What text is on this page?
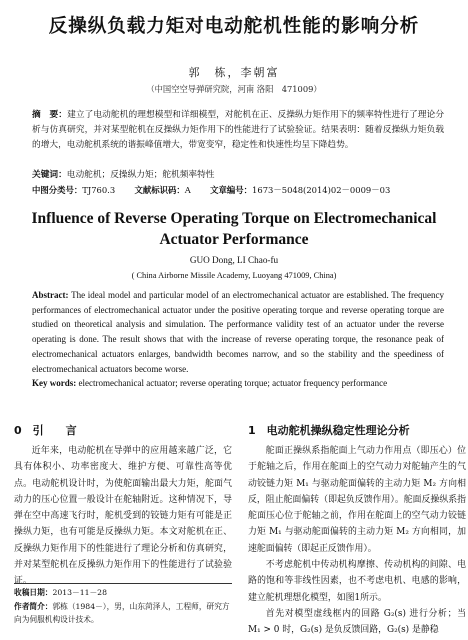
反操纵负载力矩对电动舵机性能的影响分析
郭　栋，李朝富
（中国空空导弹研究院，河南 洛阳　471009）
摘　要：建立了电动舵机的理想模型和详细模型，对舵机在正、反操纵力矩作用下的频率特性进行了理论分析与仿真研究，并对某型舵机在反操纵力矩作用下的性能进行了试验验证。结果表明：随着反操纵力矩负载的增大，电动舵机系统的谐振峰值增大，带宽变窄，稳定性和快速性均呈下降趋势。
关键词：电动舵机；反操纵力矩；舵机频率特性
中图分类号：TJ760.3 文献标识码：A 文章编号：1673－5048(2014)02－0009－03
Influence of Reverse Operating Torque on Electromechanical
Actuator Performance
GUO Dong, LI Chao-fu
( China Airborne Missile Academy, Luoyang 471009, China)
Abstract: The ideal model and particular model of an electromechanical actuator are established. The frequency performances of electromechanical actuator under the positive operating torque and reverse operating torque are studied on theoretical analysis and simulation. The performance validity test of an actuator under the reverse operating is done. The result shows that with the increase of reverse operating torque, the resonance peak of electromechanical actuators enlarges, bandwidth becomes narrow, and so the stability and the speediness of electromechanical actuators become worse.
Key words: electromechanical actuator; reverse operating torque; actuator frequency performance
0　引　　言	1　电动舵机操纵稳定性理论分析

近年来，电动舵机在导弹中的应用越来越广泛，它具有体积小、功率密度大、维护方便、可靠性高等优点。电动舵机设计时，为使舵面输出最大力矩，舵面气动力的压心位置一般设计在舵轴附近。这种情况下，导弹在空中高速飞行时，舵机受到的铰链力矩有可能是正操纵力矩，也有可能是反操纵力矩。本文对舵机在正、反操纵力矩作用下的性能进行了理论分析和仿真研究，并对某型舵机在反操纵力矩作用下的性能进行了试验验证。

舵面正操纵系指舵面上气动力作用点（即压心）位于舵轴之后，作用在舵面上的空气动力对舵轴产生的气动铰链力矩 M₁ 与驱动舵面偏转的主动力矩 M₂ 方向相反，阻止舵面偏转（即起负反馈作用）。舵面反操纵系指舵面压心位于舵轴之前，作用在舵面上的空气动力铰链力矩 M₁ 与驱动舵面偏转的主动力矩 M₂ 方向相同，加速舵面偏转（即起正反馈作用）。

不考虑舵机中传动机构摩擦、传动机构的间隙、电路的饱和等非线性因素，也不考虑电机、电感的影响，建立舵机理想化模型，如图1所示。

首先对模型虚线框内的回路 G₂(s) 进行分析；当 M₁ > 0 时，G₂(s) 是负反馈回路，G₂(s) 是静稳

收稿日期：2013－11－28
作者简介：郭栋（1984－），男，山东菏泽人，工程师，研究方向为伺服机构设计技术。
